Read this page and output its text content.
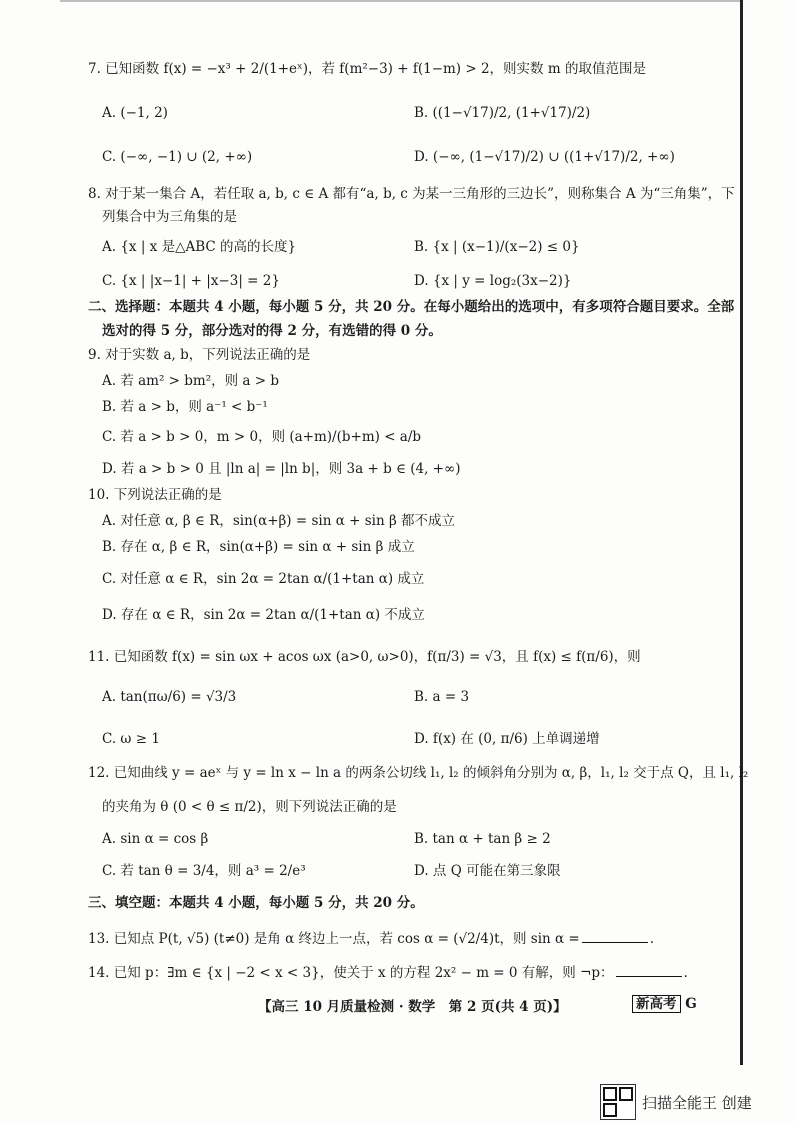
7. 已知函数 f(x) = −x³ + 2/(1+eˣ)，若 f(m²−3) + f(1−m) > 2，则实数 m 的取值范围是
A. (−1, 2)	B. ((1−√17)/2, (1+√17)/2)
C. (−∞, −1) ∪ (2, +∞)	D. (−∞, (1−√17)/2) ∪ ((1+√17)/2, +∞)
8. 对于某一集合 A，若任取 a, b, c ∈ A 都有“a, b, c 为某一三角形的三边长”，则称集合 A 为“三角集”，下
列集合中为三角集的是
A. {x | x 是△ABC 的高的长度}	B. {x | (x−1)/(x−2) ≤ 0}
C. {x | |x−1| + |x−3| = 2}	D. {x | y = log₂(3x−2)}
二、选择题：本题共 4 小题，每小题 5 分，共 20 分。在每小题给出的选项中，有多项符合题目要求。全部
选对的得 5 分，部分选对的得 2 分，有选错的得 0 分。
9. 对于实数 a, b，下列说法正确的是
A. 若 am² > bm²，则 a > b
B. 若 a > b，则 a⁻¹ < b⁻¹
C. 若 a > b > 0，m > 0，则 (a+m)/(b+m) < a/b
D. 若 a > b > 0 且 |ln a| = |ln b|，则 3a + b ∈ (4, +∞)
10. 下列说法正确的是
A. 对任意 α, β ∈ R，sin(α+β) = sin α + sin β 都不成立
B. 存在 α, β ∈ R，sin(α+β) = sin α + sin β 成立
C. 对任意 α ∈ R，sin 2α = 2tan α/(1+tan α) 成立
D. 存在 α ∈ R，sin 2α = 2tan α/(1+tan α) 不成立
11. 已知函数 f(x) = sin ωx + acos ωx (a>0, ω>0)，f(π/3) = √3，且 f(x) ≤ f(π/6)，则
A. tan(πω/6) = √3/3	B. a = 3
C. ω ≥ 1	D. f(x) 在 (0, π/6) 上单调递增
12. 已知曲线 y = aeˣ 与 y = ln x − ln a 的两条公切线 l₁, l₂ 的倾斜角分别为 α, β，l₁, l₂ 交于点 Q，且 l₁, l₂
的夹角为 θ (0 < θ ≤ π/2)，则下列说法正确的是
A. sin α = cos β	B. tan α + tan β ≥ 2
C. 若 tan θ = 3/4，则 a³ = 2/e³	D. 点 Q 可能在第三象限
三、填空题：本题共 4 小题，每小题 5 分，共 20 分。
13. 已知点 P(t, √5) (t≠0) 是角 α 终边上一点，若 cos α = (√2/4)t，则 sin α =	.
14. 已知 p：∃m ∈ {x | −2 < x < 3}，使关于 x 的方程 2x² − m = 0 有解，则 ¬p：	.
【高三 10 月质量检测 · 数学　第 2 页(共 4 页)】	新高考 G
扫描全能王 创建
